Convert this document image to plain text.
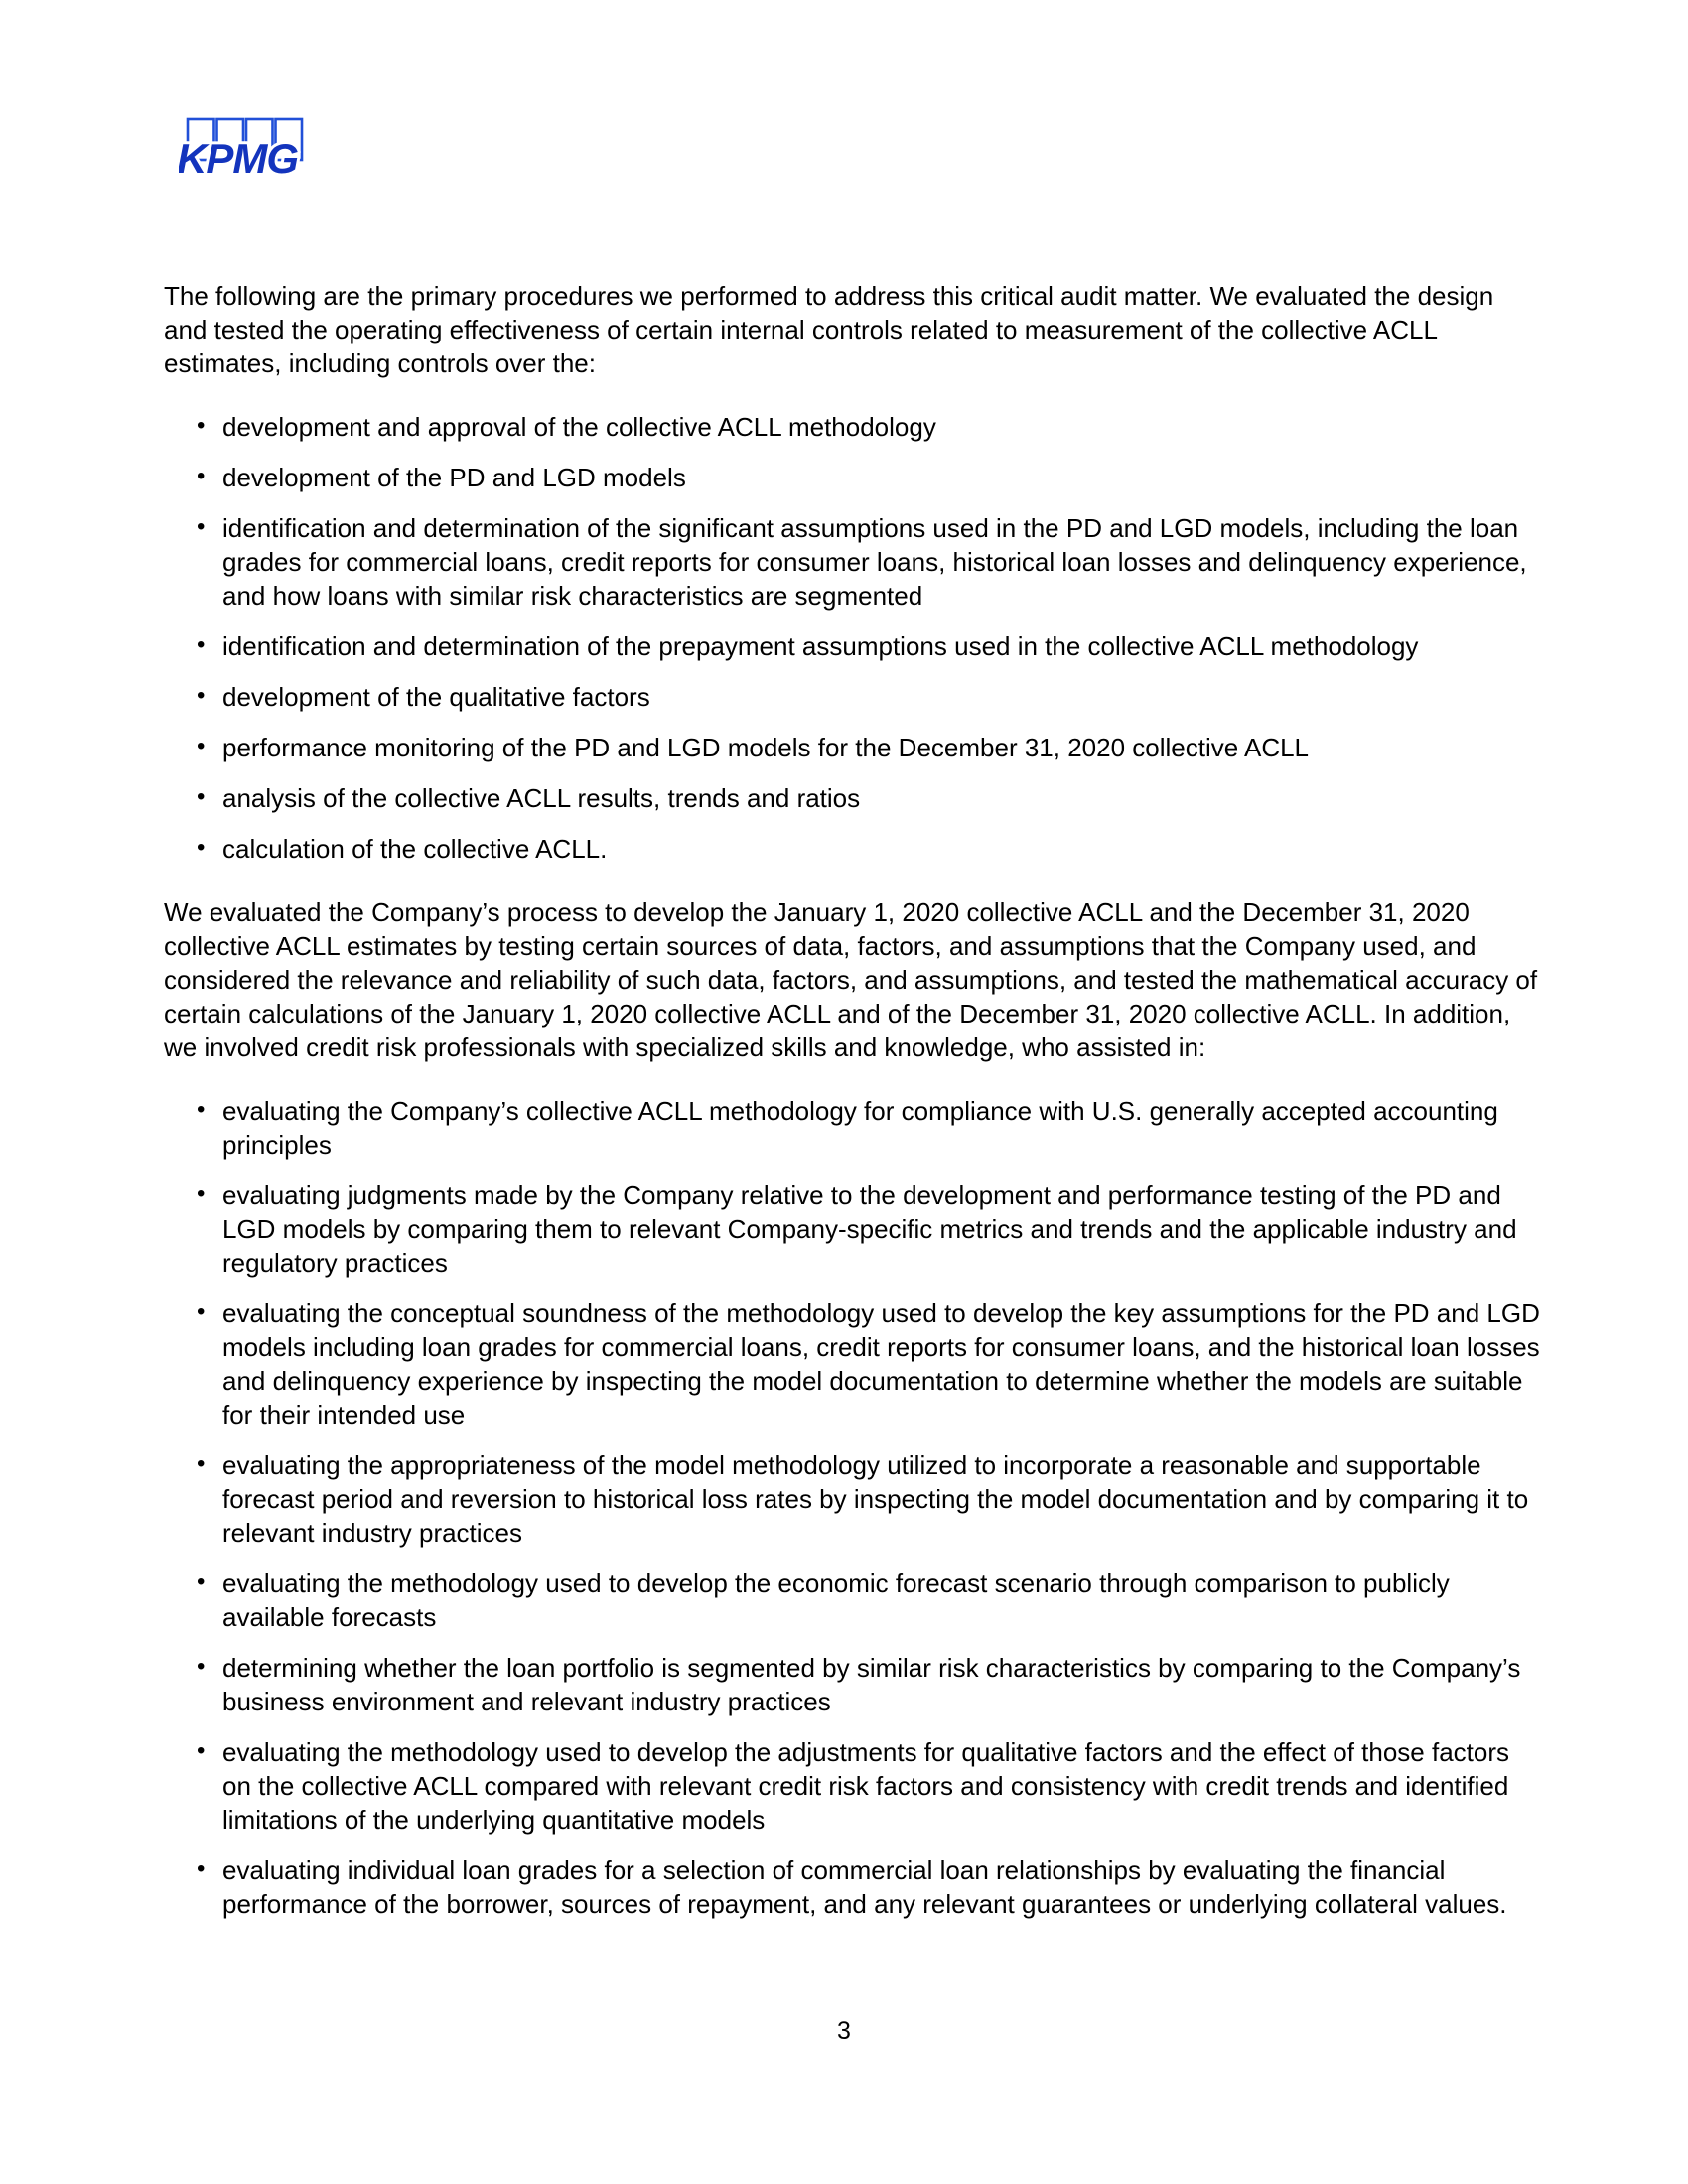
KPMG

The following are the primary procedures we performed to address this critical audit matter. We evaluated the design and tested the operating effectiveness of certain internal controls related to measurement of the collective ACLL estimates, including controls over the:

• development and approval of the collective ACLL methodology
• development of the PD and LGD models
• identification and determination of the significant assumptions used in the PD and LGD models, including the loan grades for commercial loans, credit reports for consumer loans, historical loan losses and delinquency experience, and how loans with similar risk characteristics are segmented
• identification and determination of the prepayment assumptions used in the collective ACLL methodology
• development of the qualitative factors
• performance monitoring of the PD and LGD models for the December 31, 2020 collective ACLL
• analysis of the collective ACLL results, trends and ratios
• calculation of the collective ACLL.

We evaluated the Company’s process to develop the January 1, 2020 collective ACLL and the December 31, 2020 collective ACLL estimates by testing certain sources of data, factors, and assumptions that the Company used, and considered the relevance and reliability of such data, factors, and assumptions, and tested the mathematical accuracy of certain calculations of the January 1, 2020 collective ACLL and of the December 31, 2020 collective ACLL. In addition, we involved credit risk professionals with specialized skills and knowledge, who assisted in:

• evaluating the Company’s collective ACLL methodology for compliance with U.S. generally accepted accounting principles
• evaluating judgments made by the Company relative to the development and performance testing of the PD and LGD models by comparing them to relevant Company-specific metrics and trends and the applicable industry and regulatory practices
• evaluating the conceptual soundness of the methodology used to develop the key assumptions for the PD and LGD models including loan grades for commercial loans, credit reports for consumer loans, and the historical loan losses and delinquency experience by inspecting the model documentation to determine whether the models are suitable for their intended use
• evaluating the appropriateness of the model methodology utilized to incorporate a reasonable and supportable forecast period and reversion to historical loss rates by inspecting the model documentation and by comparing it to relevant industry practices
• evaluating the methodology used to develop the economic forecast scenario through comparison to publicly available forecasts
• determining whether the loan portfolio is segmented by similar risk characteristics by comparing to the Company’s business environment and relevant industry practices
• evaluating the methodology used to develop the adjustments for qualitative factors and the effect of those factors on the collective ACLL compared with relevant credit risk factors and consistency with credit trends and identified limitations of the underlying quantitative models
• evaluating individual loan grades for a selection of commercial loan relationships by evaluating the financial performance of the borrower, sources of repayment, and any relevant guarantees or underlying collateral values.
3
